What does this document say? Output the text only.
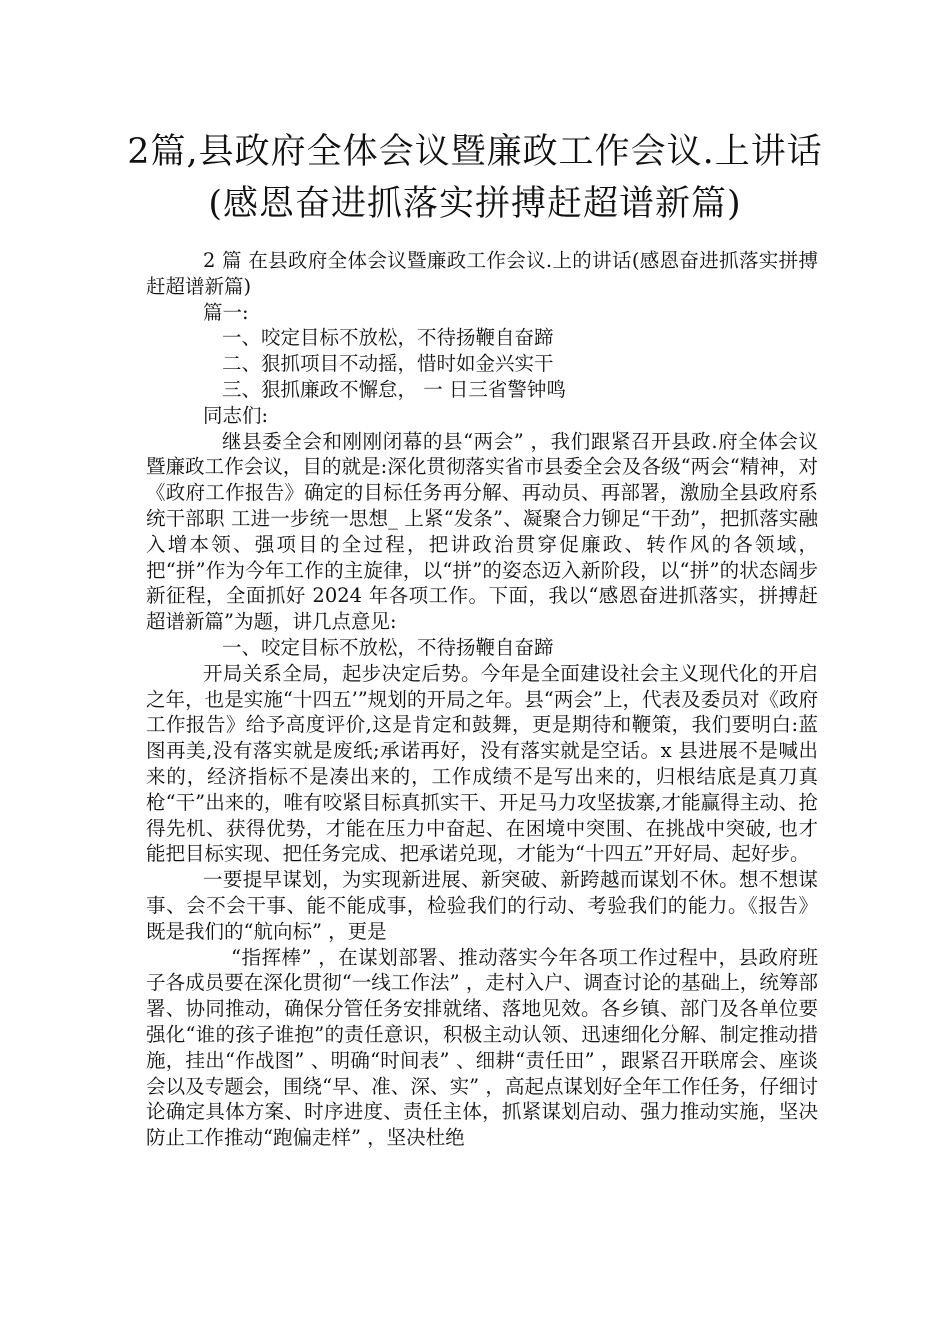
2篇,县政府全体会议暨廉政工作会议.上讲话(感恩奋进抓落实拼搏赶超谱新篇)

2 篇 在县政府全体会议暨廉政工作会议.上的讲话(感恩奋进抓落实拼搏赶超谱新篇)

篇一:

一、咬定目标不放松，不待扬鞭自奋蹄

二、狠抓项目不动摇，惜时如金兴实干

三、狠抓廉政不懈怠， 一 日三省警钟鸣

同志们:

继县委全会和刚刚闭幕的县“两会” ，我们跟紧召开县政.府全体会议暨廉政工作会议，目的就是:深化贯彻落实省市县委全会及各级“两会“精神，对《政府工作报告》确定的目标任务再分解、再动员、再部署，激励全县政府系统干部职 工进一步统一思想_ 上紧“发条”、凝聚合力铆足“干劲”，把抓落实融入增本领、强项目的全过程，把讲政治贯穿促廉政、转作风的各领域，把“拼”作为今年工作的主旋律，以“拼”的姿态迈入新阶段，以“拼”的状态阔步新征程，全面抓好 2024 年各项工作。下面，我以“感恩奋进抓落实，拼搏赶超谱新篇”为题，讲几点意见:

一、咬定目标不放松，不待扬鞭自奋蹄

开局关系全局，起步决定后势。今年是全面建设社会主义现代化的开启之年，也是实施“十四五’”规划的开局之年。县“两会”上，代表及委员对《政府工作报告》给予高度评价,这是肯定和鼓舞，更是期待和鞭策，我们要明白:蓝图再美,没有落实就是废纸;承诺再好，没有落实就是空话。x 县进展不是喊出来的，经济指标不是凑出来的，工作成绩不是写出来的，归根结底是真刀真枪“干”出来的，唯有咬紧目标真抓实干、开足马力攻坚拔寨,才能赢得主动、抢得先机、获得优势，才能在压力中奋起、在困境中突围、在挑战中突破, 也才能把目标实现、把任务完成、把承诺兑现，才能为“十四五”开好局、起好步。

一要提早谋划，为实现新进展、新突破、新跨越而谋划不休。想不想谋事、会不会干事、能不能成事，检验我们的行动、考验我们的能力。《报告》既是我们的“航向标” ，更是

“指挥棒” ，在谋划部署、推动落实今年各项工作过程中，县政府班子各成员要在深化贯彻“一线工作法” ，走村入户、调查讨论的基础上，统筹部署、协同推动，确保分管任务安排就绪、落地见效。各乡镇、部门及各单位要强化“谁的孩子谁抱”的责任意识，积极主动认领、迅速细化分解、制定推动措施，挂出“作战图” 、明确“时间表” 、细耕“责任田” ，跟紧召开联席会、座谈会以及专题会，围绕“早、准、深、实” ，高起点谋划好全年工作任务，仔细讨论确定具体方案、时序进度、责任主体，抓紧谋划启动、强力推动实施，坚决防止工作推动“跑偏走样” ，坚决杜绝
